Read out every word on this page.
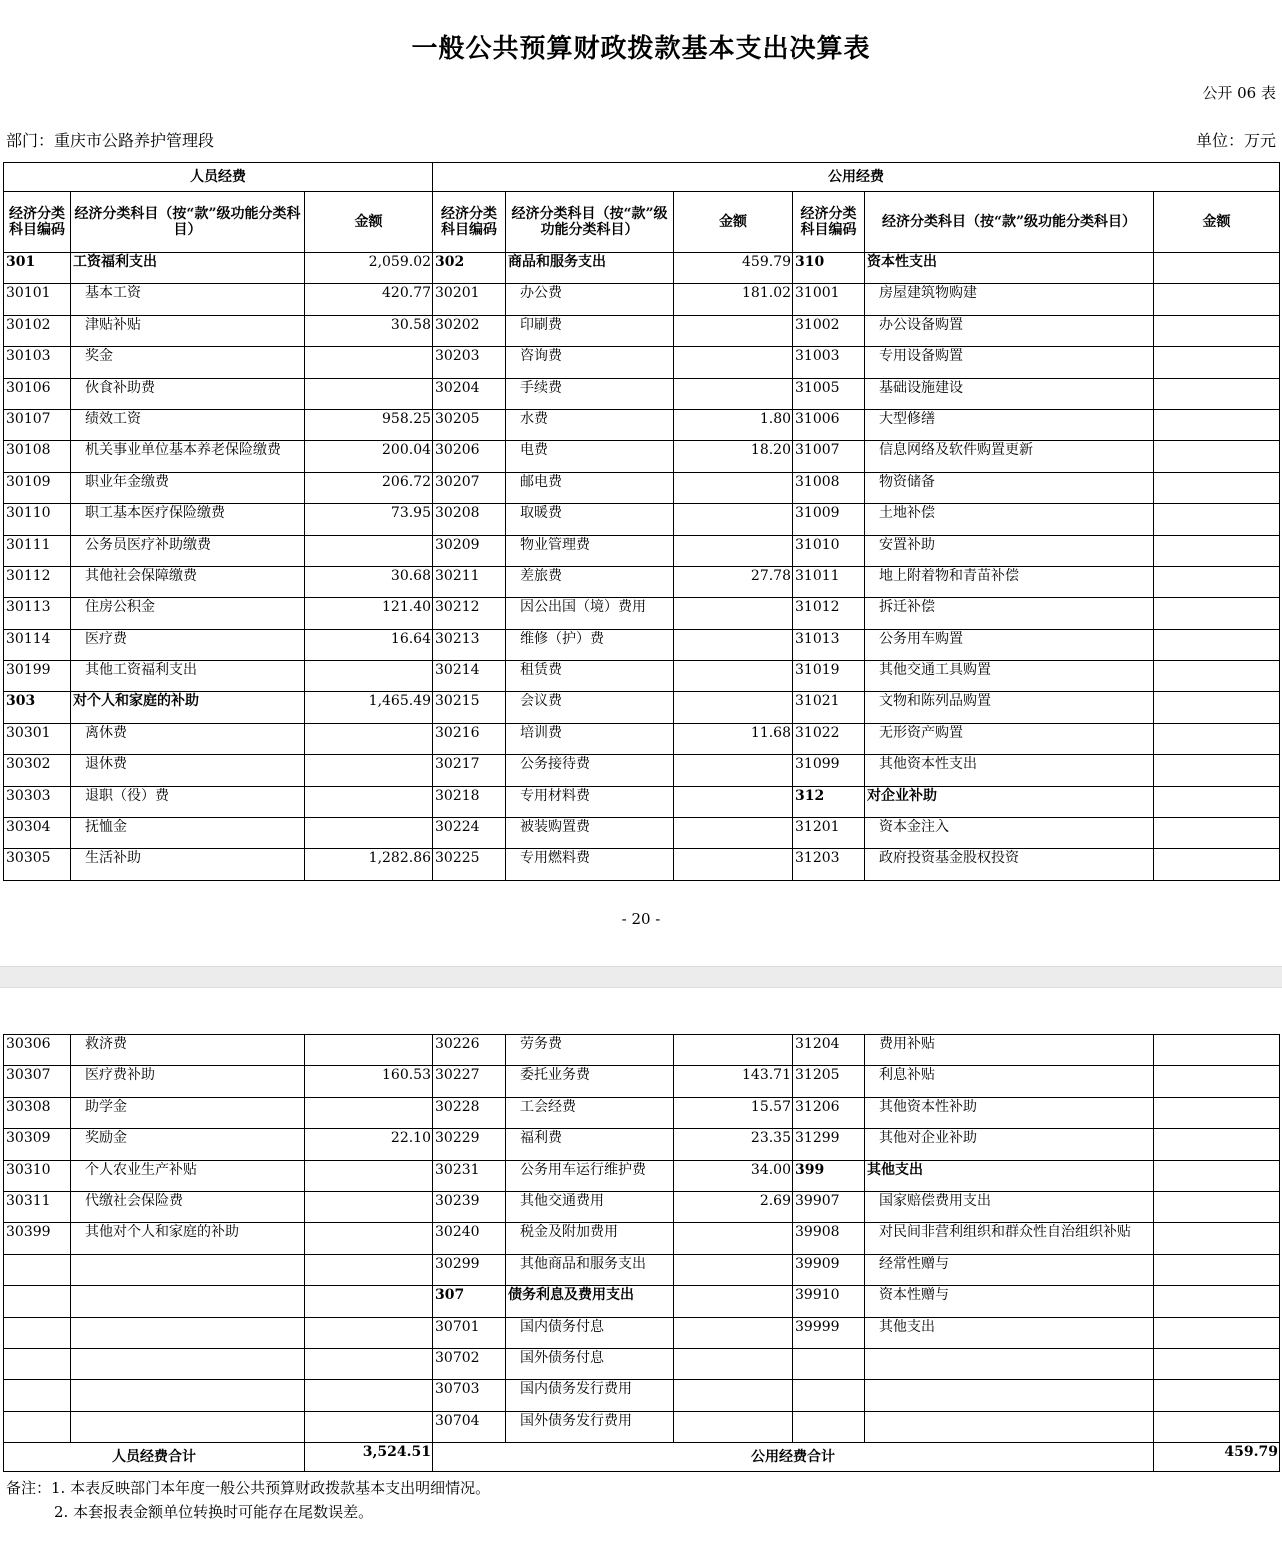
一般公共预算财政拨款基本支出决算表
公开 06 表
部门：重庆市公路养护管理段	单位：万元
人员经费			公用经费					
经济分类科目编码	经济分类科目（按“款”级功能分类科目）	金额	经济分类科目编码	经济分类科目（按“款”级功能分类科目）	金额	经济分类科目编码	经济分类科目（按“款”级功能分类科目）	金额
301	工资福利支出	2,059.02	302	商品和服务支出	459.79	310	资本性支出	
30101	基本工资	420.77	30201	办公费	181.02	31001	房屋建筑物购建	
30102	津贴补贴	30.58	30202	印刷费		31002	办公设备购置	
30103	奖金		30203	咨询费		31003	专用设备购置	
30106	伙食补助费		30204	手续费		31005	基础设施建设	
30107	绩效工资	958.25	30205	水费	1.80	31006	大型修缮	
30108	机关事业单位基本养老保险缴费	200.04	30206	电费	18.20	31007	信息网络及软件购置更新	
30109	职业年金缴费	206.72	30207	邮电费		31008	物资储备	
30110	职工基本医疗保险缴费	73.95	30208	取暖费		31009	土地补偿	
30111	公务员医疗补助缴费		30209	物业管理费		31010	安置补助	
30112	其他社会保障缴费	30.68	30211	差旅费	27.78	31011	地上附着物和青苗补偿	
30113	住房公积金	121.40	30212	因公出国（境）费用		31012	拆迁补偿	
30114	医疗费	16.64	30213	维修（护）费		31013	公务用车购置	
30199	其他工资福利支出		30214	租赁费		31019	其他交通工具购置	
303	对个人和家庭的补助	1,465.49	30215	会议费		31021	文物和陈列品购置	
30301	离休费		30216	培训费	11.68	31022	无形资产购置	
30302	退休费		30217	公务接待费		31099	其他资本性支出	
30303	退职（役）费		30218	专用材料费		312	对企业补助	
30304	抚恤金		30224	被装购置费		31201	资本金注入	
30305	生活补助	1,282.86	30225	专用燃料费		31203	政府投资基金股权投资	
- 20 -
30306	救济费		30226	劳务费		31204	费用补贴	
30307	医疗费补助	160.53	30227	委托业务费	143.71	31205	利息补贴	
30308	助学金		30228	工会经费	15.57	31206	其他资本性补助	
30309	奖励金	22.10	30229	福利费	23.35	31299	其他对企业补助	
30310	个人农业生产补贴		30231	公务用车运行维护费	34.00	399	其他支出	
30311	代缴社会保险费		30239	其他交通费用	2.69	39907	国家赔偿费用支出	
30399	其他对个人和家庭的补助		30240	税金及附加费用		39908	对民间非营利组织和群众性自治组织补贴	
			30299	其他商品和服务支出		39909	经常性赠与	
			307	债务利息及费用支出		39910	资本性赠与	
			30701	国内债务付息		39999	其他支出	
			30702	国外债务付息				
			30703	国内债务发行费用				
			30704	国外债务发行费用				
人员经费合计		3,524.51	公用经费合计					459.79
备注：1. 本表反映部门本年度一般公共预算财政拨款基本支出明细情况。
2. 本套报表金额单位转换时可能存在尾数误差。
